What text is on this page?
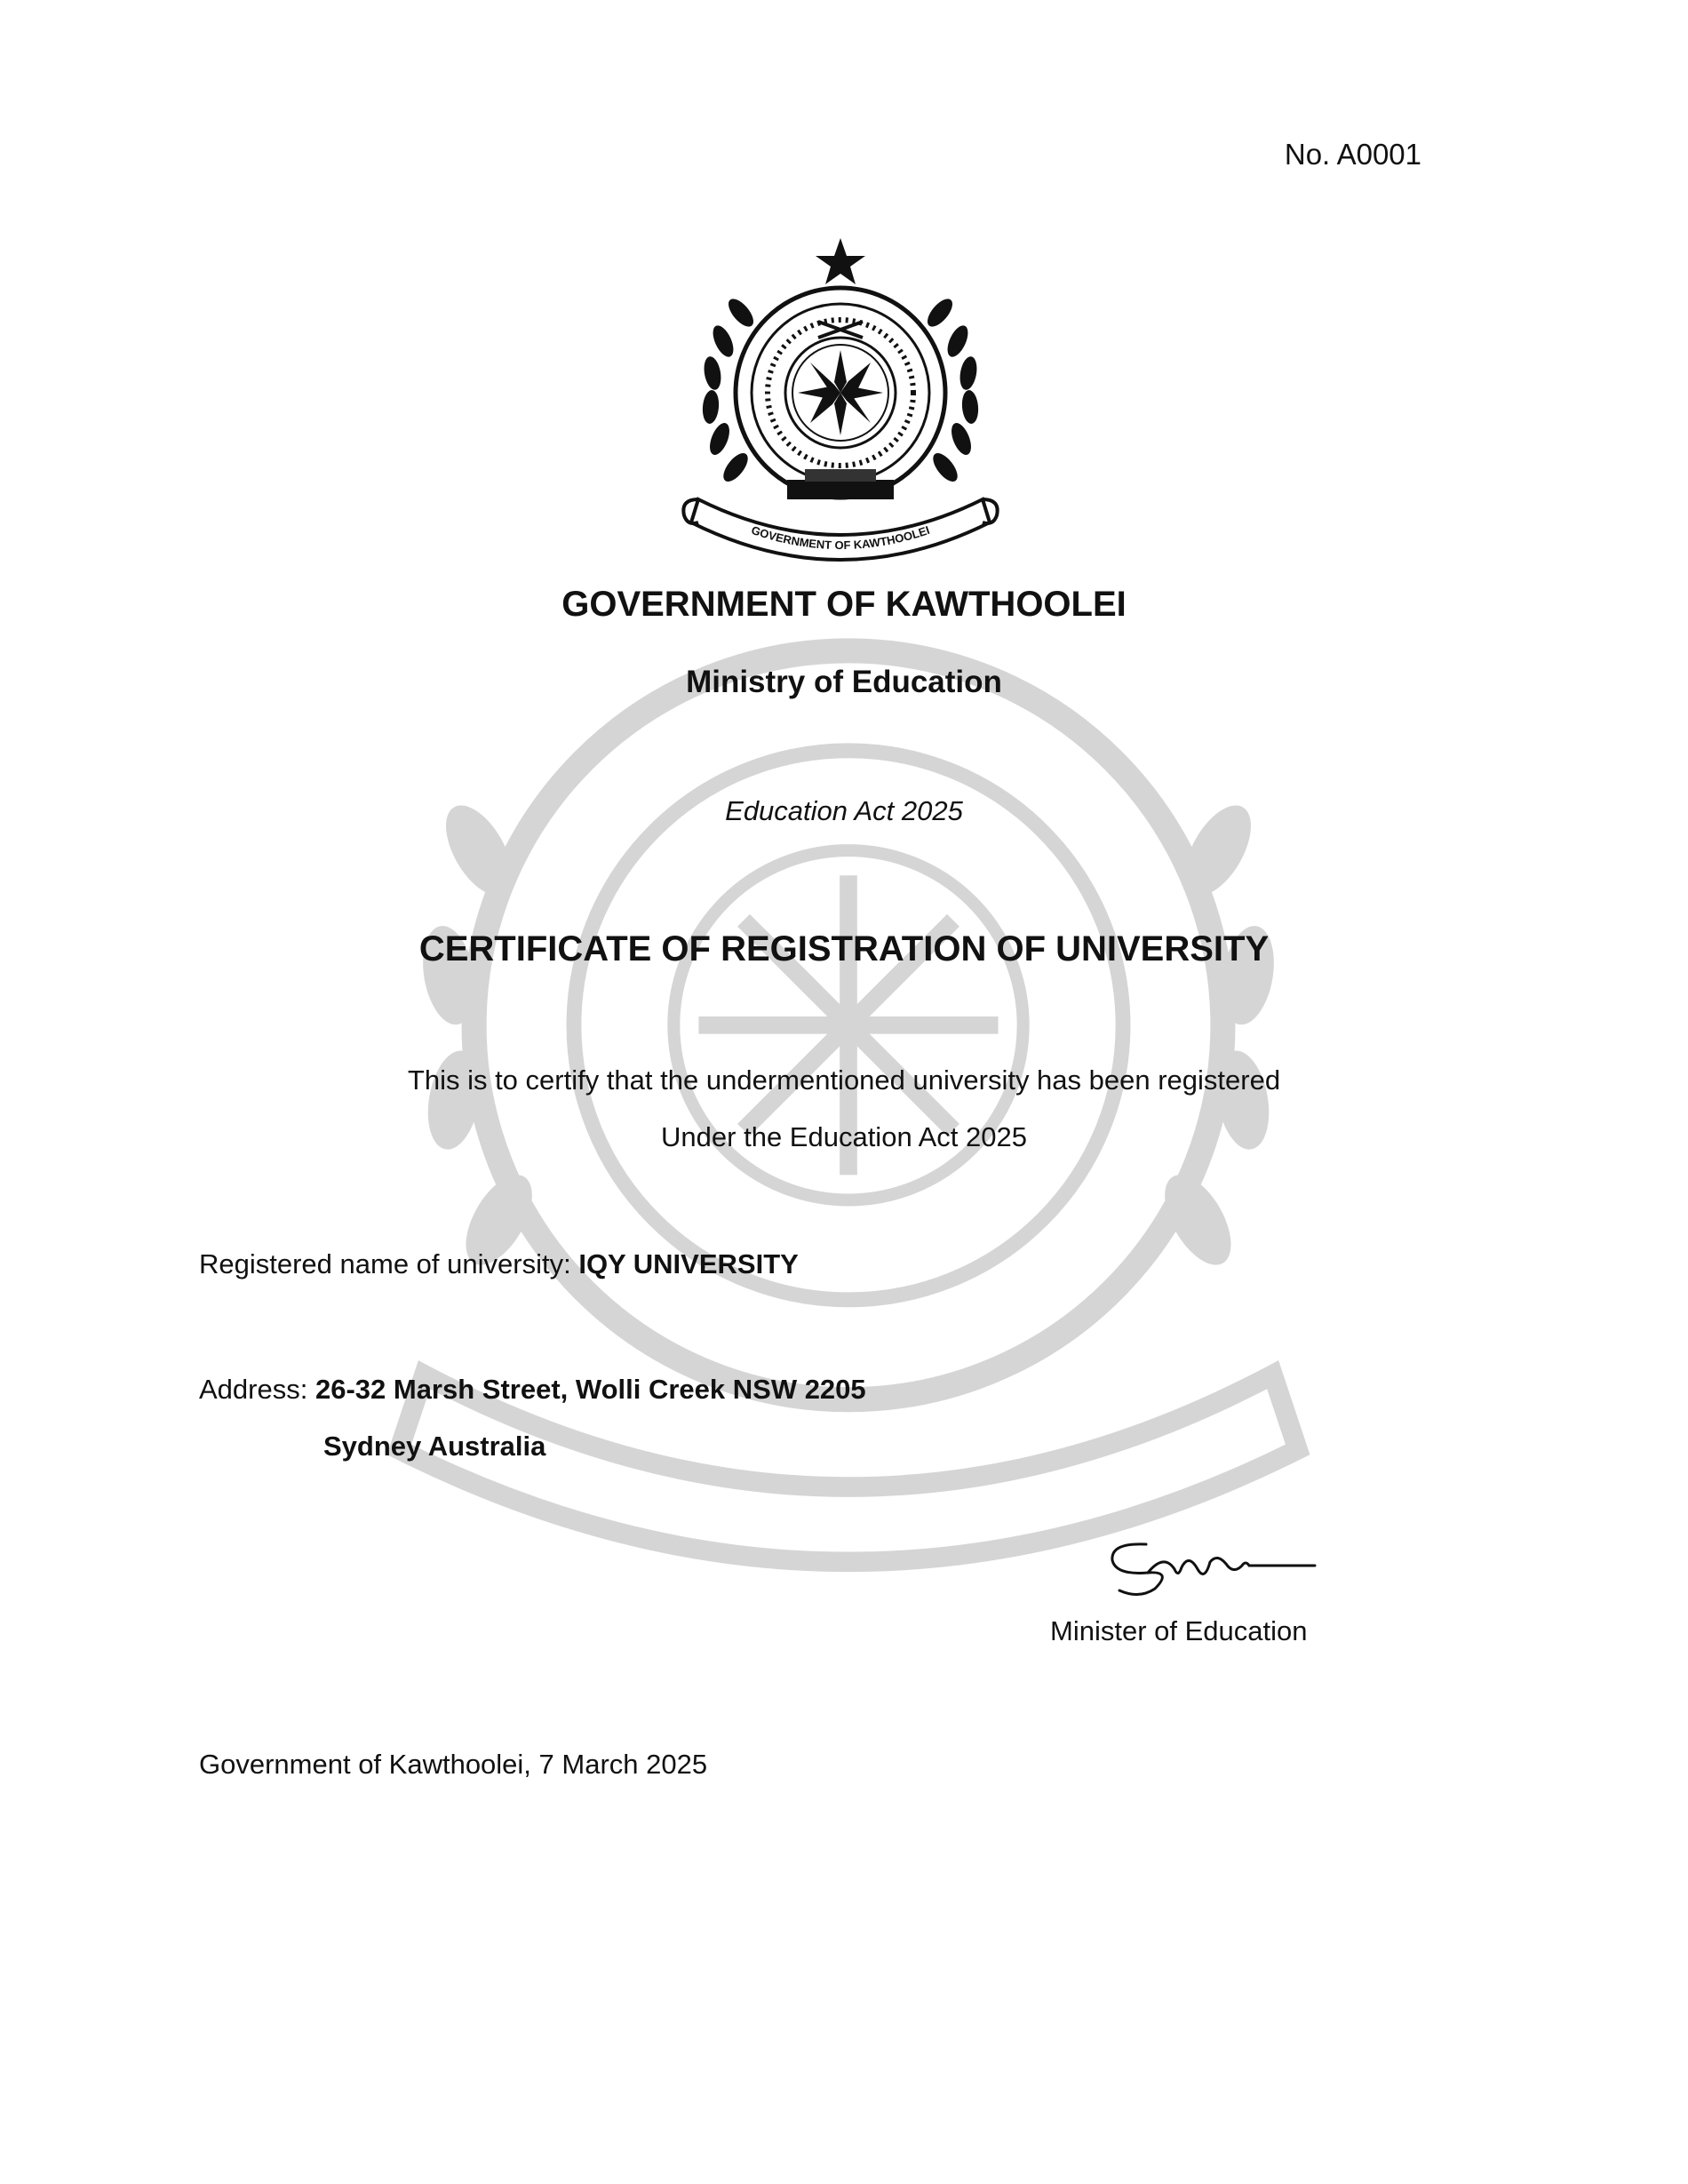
No. A0001
GOVERNMENT OF KAWTHOOLEI
GOVERNMENT OF KAWTHOOLEI
Ministry of Education
Education Act 2025
CERTIFICATE OF REGISTRATION OF UNIVERSITY
This is to certify that the undermentioned university has been registered
Under the Education Act 2025
Registered name of university: IQY UNIVERSITY
Address: 26-32 Marsh Street, Wolli Creek NSW 2205
Sydney Australia
Minister of Education
Government of Kawthoolei, 7 March 2025
